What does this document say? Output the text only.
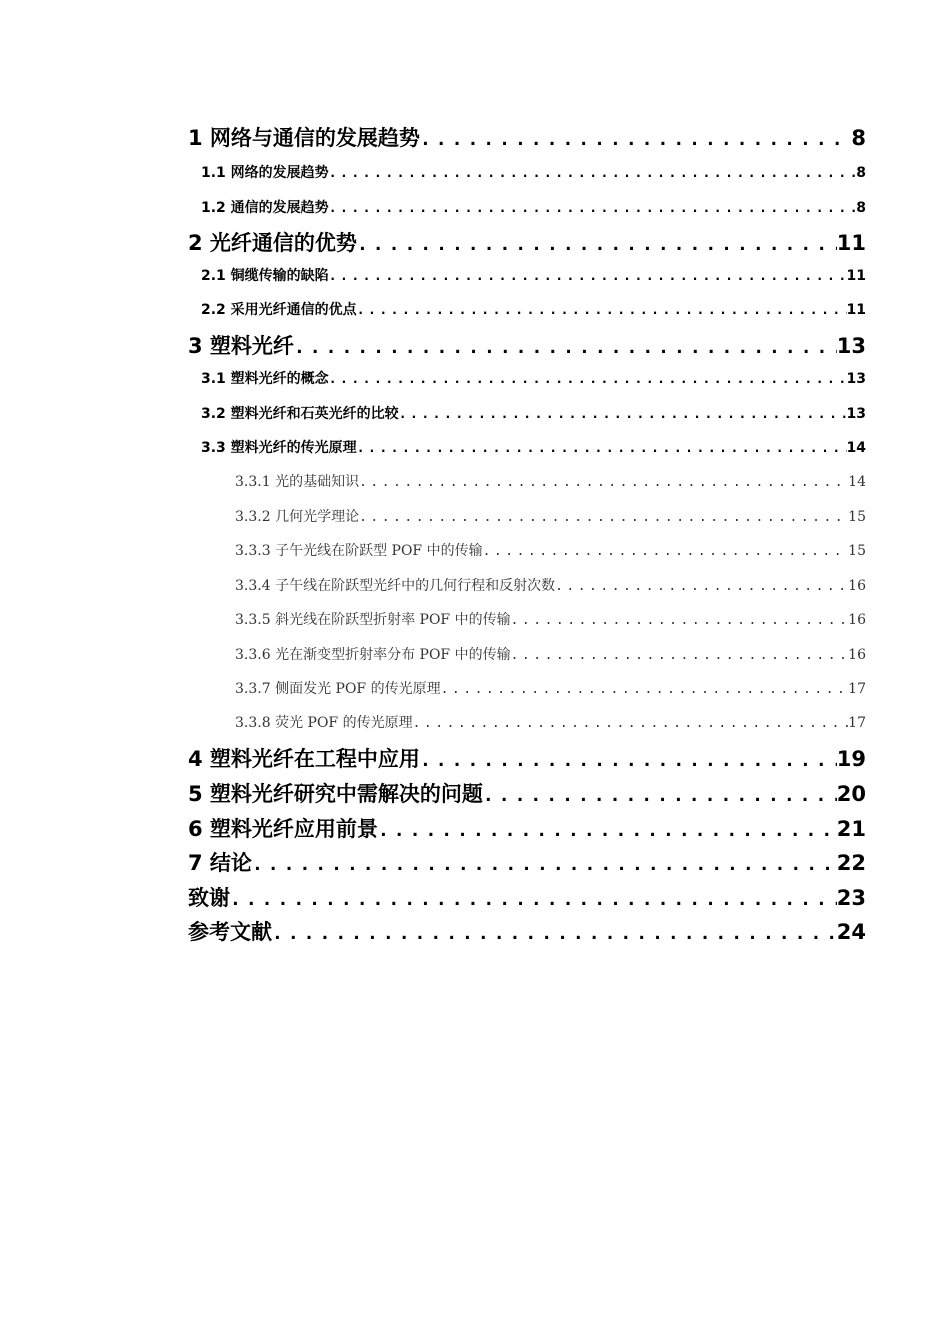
1 网络与通信的发展趋势 .....	8
1.1 网络的发展趋势 .....	8
1.2 通信的发展趋势 .....	8
2 光纤通信的优势 .....	11
2.1 铜缆传输的缺陷 .....	11
2.2 采用光纤通信的优点 .....	11
3 塑料光纤 .....	13
3.1 塑料光纤的概念 .....	13
3.2 塑料光纤和石英光纤的比较 .....	13
3.3 塑料光纤的传光原理 .....	14
3.3.1 光的基础知识 .....	14
3.3.2 几何光学理论 .....	15
3.3.3 子午光线在阶跃型 POF 中的传输 .....	15
3.3.4 子午线在阶跃型光纤中的几何行程和反射次数 .....	16
3.3.5 斜光线在阶跃型折射率 POF 中的传输 .....	16
3.3.6 光在渐变型折射率分布 POF 中的传输 .....	16
3.3.7 侧面发光 POF 的传光原理 .....	17
3.3.8 荧光 POF 的传光原理 .....	17
4 塑料光纤在工程中应用 .....	19
5 塑料光纤研究中需解决的问题 .....	20
6 塑料光纤应用前景 .....	21
7 结论 .....	22
致谢 .....	23
参考文献 .....	24
